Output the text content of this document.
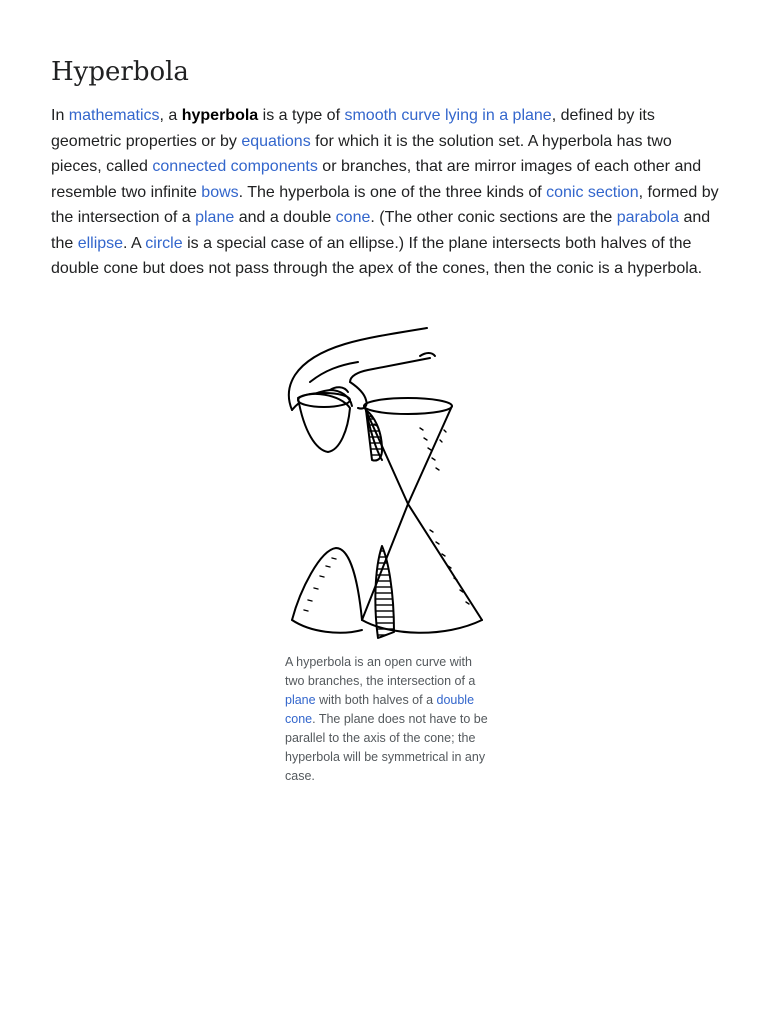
Hyperbola

In mathematics, a hyperbola is a type of smooth curve lying in a plane, defined by its geometric properties or by equations for which it is the solution set. A hyperbola has two pieces, called connected components or branches, that are mirror images of each other and resemble two infinite bows. The hyperbola is one of the three kinds of conic section, formed by the intersection of a plane and a double cone. (The other conic sections are the parabola and the ellipse. A circle is a special case of an ellipse.) If the plane intersects both halves of the double cone but does not pass through the apex of the cones, then the conic is a hyperbola.

A hyperbola is an open curve with two branches, the intersection of a plane with both halves of a double cone. The plane does not have to be parallel to the axis of the cone; the hyperbola will be symmetrical in any case.
